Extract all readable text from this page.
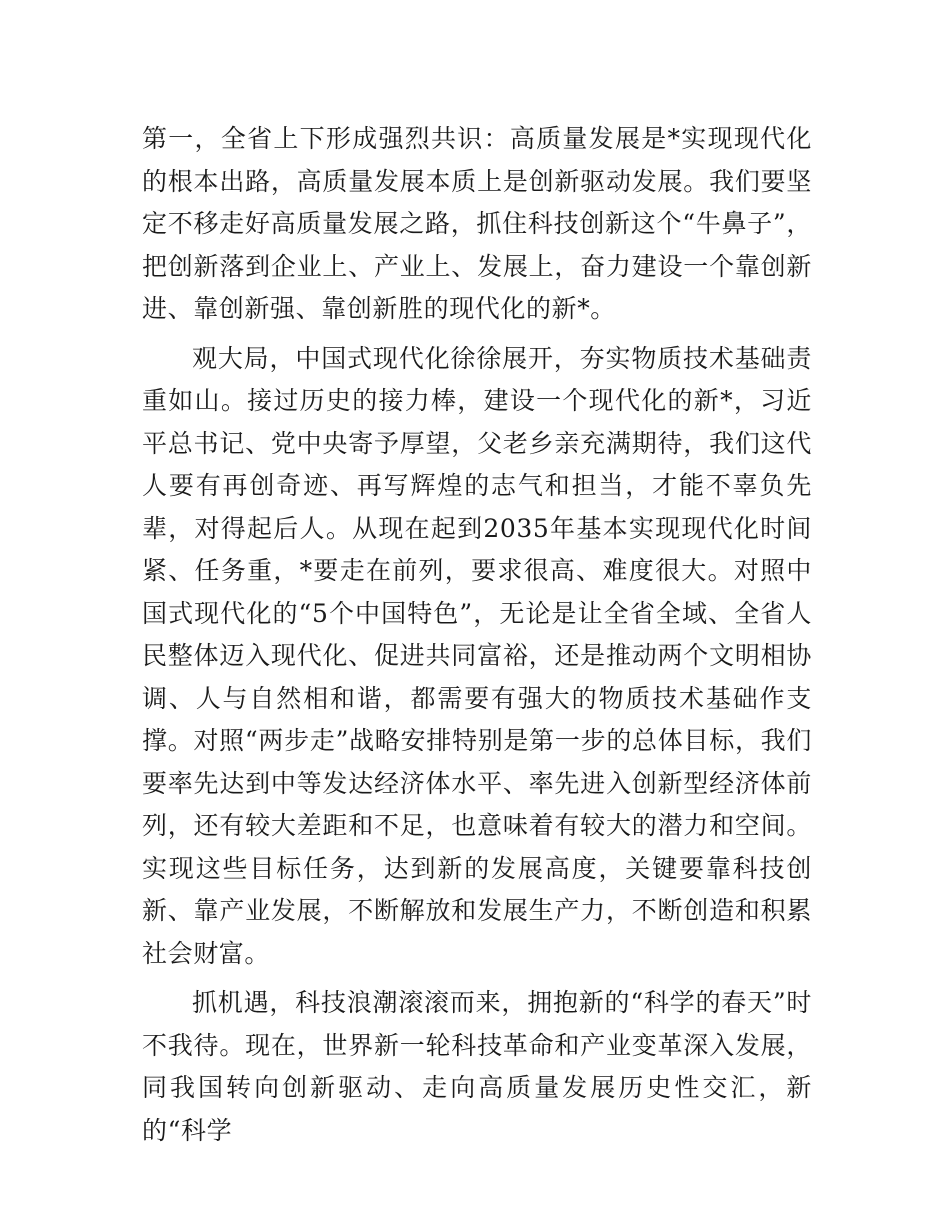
第一，全省上下形成强烈共识：高质量发展是*实现现代化的根本出路，高质量发展本质上是创新驱动发展。我们要坚定不移走好高质量发展之路，抓住科技创新这个“牛鼻子”，把创新落到企业上、产业上、发展上，奋力建设一个靠创新进、靠创新强、靠创新胜的现代化的新*。

观大局，中国式现代化徐徐展开，夯实物质技术基础责重如山。接过历史的接力棒，建设一个现代化的新*，习近平总书记、党中央寄予厚望，父老乡亲充满期待，我们这代人要有再创奇迹、再写辉煌的志气和担当，才能不辜负先辈，对得起后人。从现在起到2035年基本实现现代化时间紧、任务重，*要走在前列，要求很高、难度很大。对照中国式现代化的“5个中国特色”，无论是让全省全域、全省人民整体迈入现代化、促进共同富裕，还是推动两个文明相协调、人与自然相和谐，都需要有强大的物质技术基础作支撑。对照“两步走”战略安排特别是第一步的总体目标，我们要率先达到中等发达经济体水平、率先进入创新型经济体前列，还有较大差距和不足，也意味着有较大的潜力和空间。实现这些目标任务，达到新的发展高度，关键要靠科技创新、靠产业发展，不断解放和发展生产力，不断创造和积累社会财富。

抓机遇，科技浪潮滚滚而来，拥抱新的“科学的春天”时不我待。现在，世界新一轮科技革命和产业变革深入发展，同我国转向创新驱动、走向高质量发展历史性交汇，新的“科学
